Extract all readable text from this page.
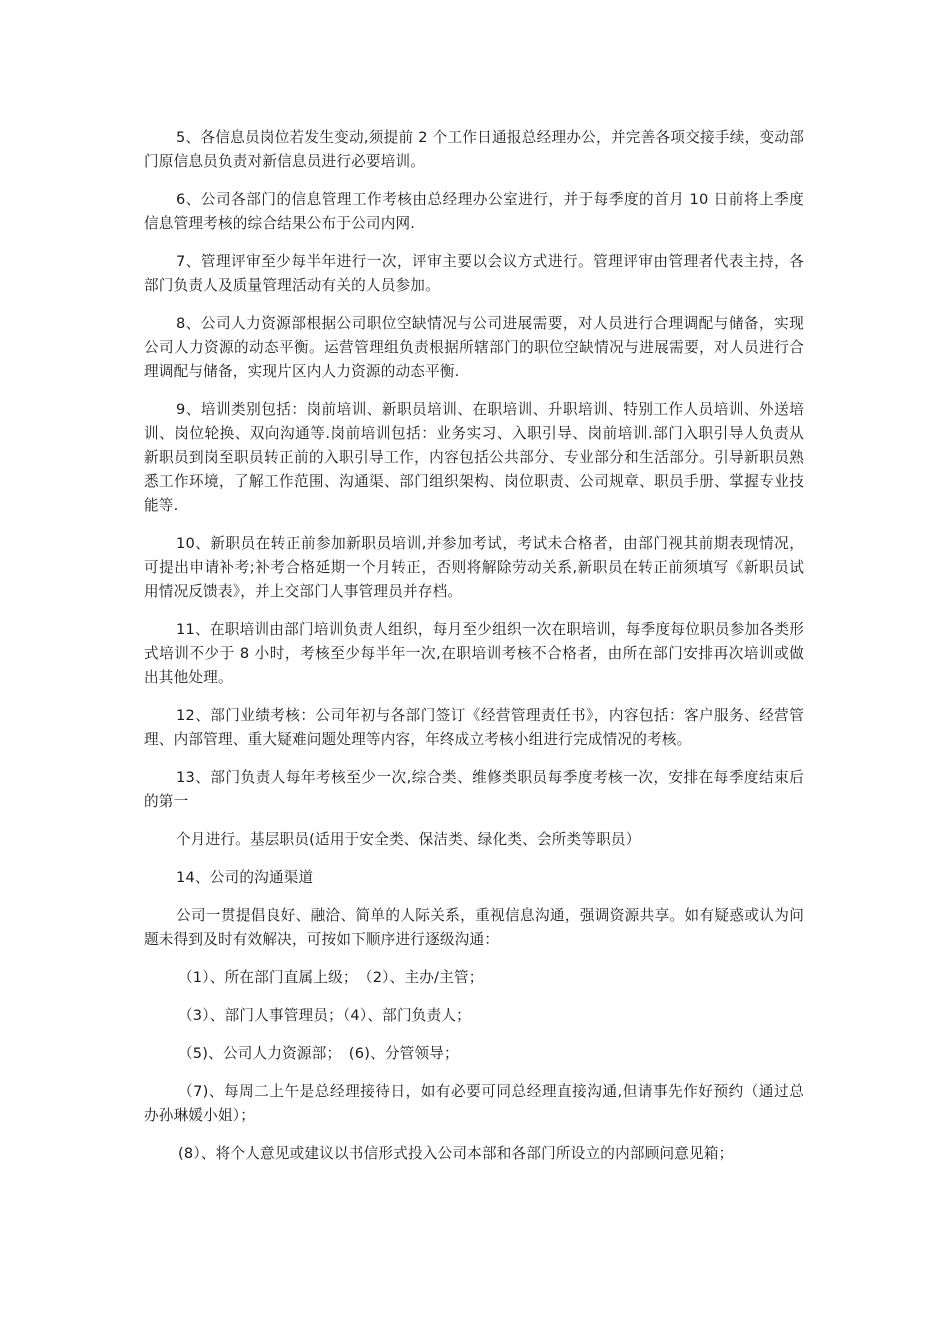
5、各信息员岗位若发生变动,须提前 2 个工作日通报总经理办公，并完善各项交接手续，变动部门原信息员负责对新信息员进行必要培训。

6、公司各部门的信息管理工作考核由总经理办公室进行，并于每季度的首月 10 日前将上季度信息管理考核的综合结果公布于公司内网.

7、管理评审至少每半年进行一次，评审主要以会议方式进行。管理评审由管理者代表主持，各部门负责人及质量管理活动有关的人员参加。

8、公司人力资源部根据公司职位空缺情况与公司进展需要，对人员进行合理调配与储备，实现公司人力资源的动态平衡。运营管理组负责根据所辖部门的职位空缺情况与进展需要，对人员进行合理调配与储备，实现片区内人力资源的动态平衡.

9、培训类别包括：岗前培训、新职员培训、在职培训、升职培训、特别工作人员培训、外送培训、岗位轮换、双向沟通等.岗前培训包括：业务实习、入职引导、岗前培训.部门入职引导人负责从新职员到岗至职员转正前的入职引导工作，内容包括公共部分、专业部分和生活部分。引导新职员熟悉工作环境，了解工作范围、沟通渠、部门组织架构、岗位职责、公司规章、职员手册、掌握专业技能等.

10、新职员在转正前参加新职员培训,并参加考试，考试未合格者，由部门视其前期表现情况，可提出申请补考;补考合格延期一个月转正，否则将解除劳动关系,新职员在转正前须填写《新职员试用情况反馈表》，并上交部门人事管理员并存档。

11、在职培训由部门培训负责人组织，每月至少组织一次在职培训，每季度每位职员参加各类形式培训不少于 8 小时，考核至少每半年一次,在职培训考核不合格者，由所在部门安排再次培训或做出其他处理。

12、部门业绩考核：公司年初与各部门签订《经营管理责任书》，内容包括：客户服务、经营管理、内部管理、重大疑难问题处理等内容，年终成立考核小组进行完成情况的考核。

13、部门负责人每年考核至少一次,综合类、维修类职员每季度考核一次，安排在每季度结束后的第一

个月进行。基层职员(适用于安全类、保洁类、绿化类、会所类等职员）

14、公司的沟通渠道

公司一贯提倡良好、融洽、简单的人际关系，重视信息沟通，强调资源共享。如有疑惑或认为问题未得到及时有效解决，可按如下顺序进行逐级沟通：

（1）、所在部门直属上级；　（2）、主办/主管；

（3）、部门人事管理员；（4）、部门负责人；

（5)、公司人力资源部；　(6)、分管领导；

（7)、每周二上午是总经理接待日，如有必要可同总经理直接沟通,但请事先作好预约（通过总办孙琳媛小姐）；

(8）、将个人意见或建议以书信形式投入公司本部和各部门所设立的内部顾问意见箱；
